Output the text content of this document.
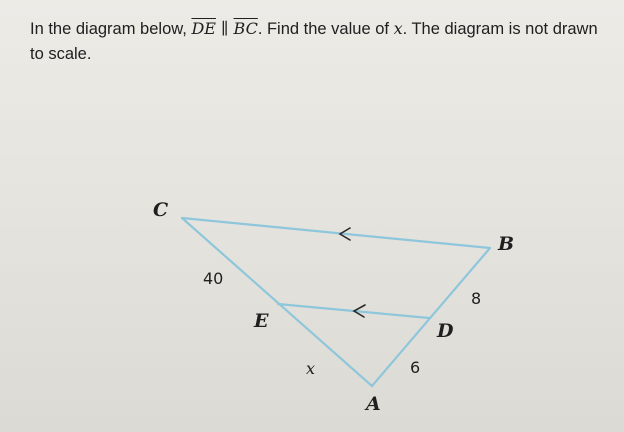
In the diagram below, $\overline{DE}$ ∥ $\overline{BC}$. Find the value of x. The diagram is not drawn to scale.
C
B
E	D
A
40
8
x	6
